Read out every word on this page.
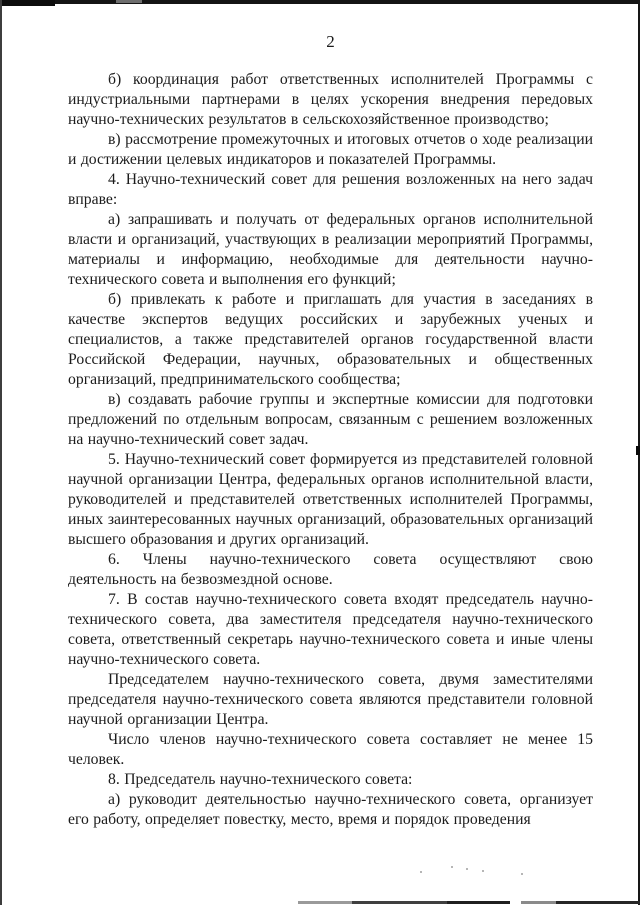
2

б) координация работ ответственных исполнителей Программы с индустриальными партнерами в целях ускорения внедрения передовых научно-технических результатов в сельскохозяйственное производство;

в) рассмотрение промежуточных и итоговых отчетов о ходе реализации и достижении целевых индикаторов и показателей Программы.

4. Научно-технический совет для решения возложенных на него задач вправе:

а) запрашивать и получать от федеральных органов исполнительной власти и организаций, участвующих в реализации мероприятий Программы, материалы и информацию, необходимые для деятельности научно-технического совета и выполнения его функций;

б) привлекать к работе и приглашать для участия в заседаниях в качестве экспертов ведущих российских и зарубежных ученых и специалистов, а также представителей органов государственной власти Российской Федерации, научных, образовательных и общественных организаций, предпринимательского сообщества;

в) создавать рабочие группы и экспертные комиссии для подготовки предложений по отдельным вопросам, связанным с решением возложенных на научно-технический совет задач.

5. Научно-технический совет формируется из представителей головной научной организации Центра, федеральных органов исполнительной власти, руководителей и представителей ответственных исполнителей Программы, иных заинтересованных научных организаций, образовательных организаций высшего образования и других организаций.

6. Члены научно-технического совета осуществляют свою деятельность на безвозмездной основе.

7. В состав научно-технического совета входят председатель научно-технического совета, два заместителя председателя научно-технического совета, ответственный секретарь научно-технического совета и иные члены научно-технического совета.

Председателем научно-технического совета, двумя заместителями председателя научно-технического совета являются представители головной научной организации Центра.

Число членов научно-технического совета составляет не менее 15 человек.

8. Председатель научно-технического совета:

а) руководит деятельностью научно-технического совета, организует его работу, определяет повестку, место, время и порядок проведения
